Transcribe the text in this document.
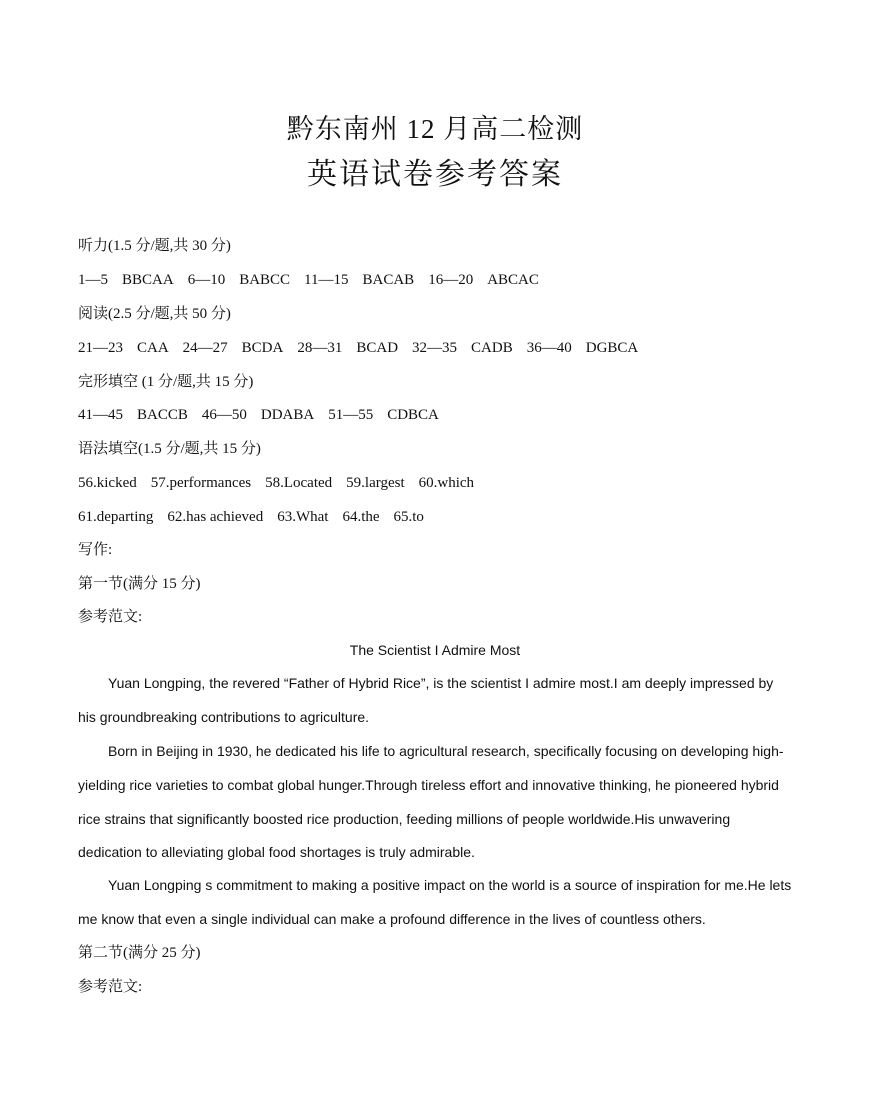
黔东南州 12 月高二检测
英语试卷参考答案
听力(1.5 分/题,共 30 分)
1—5 BBCAA 6—10 BABCC 11—15 BACAB 16—20 ABCAC
阅读(2.5 分/题,共 50 分)
21—23 CAA 24—27 BCDA 28—31 BCAD 32—35 CADB 36—40 DGBCA
完形填空 (1 分/题,共 15 分)
41—45 BACCB 46—50 DDABA 51—55 CDBCA
语法填空(1.5 分/题,共 15 分)
56.kicked 57.performances 58.Located 59.largest 60.which
61.departing 62.has achieved 63.What 64.the 65.to
写作:
第一节(满分 15 分)
参考范文:
The Scientist I Admire Most
Yuan Longping, the revered “Father of Hybrid Rice”, is the scientist I admire most.I am deeply impressed by his groundbreaking contributions to agriculture.
Born in Beijing in 1930, he dedicated his life to agricultural research, specifically focusing on developing high-yielding rice varieties to combat global hunger.Through tireless effort and innovative thinking, he pioneered hybrid rice strains that significantly boosted rice production, feeding millions of people worldwide.His unwavering dedication to alleviating global food shortages is truly admirable.
Yuan Longping s commitment to making a positive impact on the world is a source of inspiration for me.He lets me know that even a single individual can make a profound difference in the lives of countless others.
第二节(满分 25 分)
参考范文:
